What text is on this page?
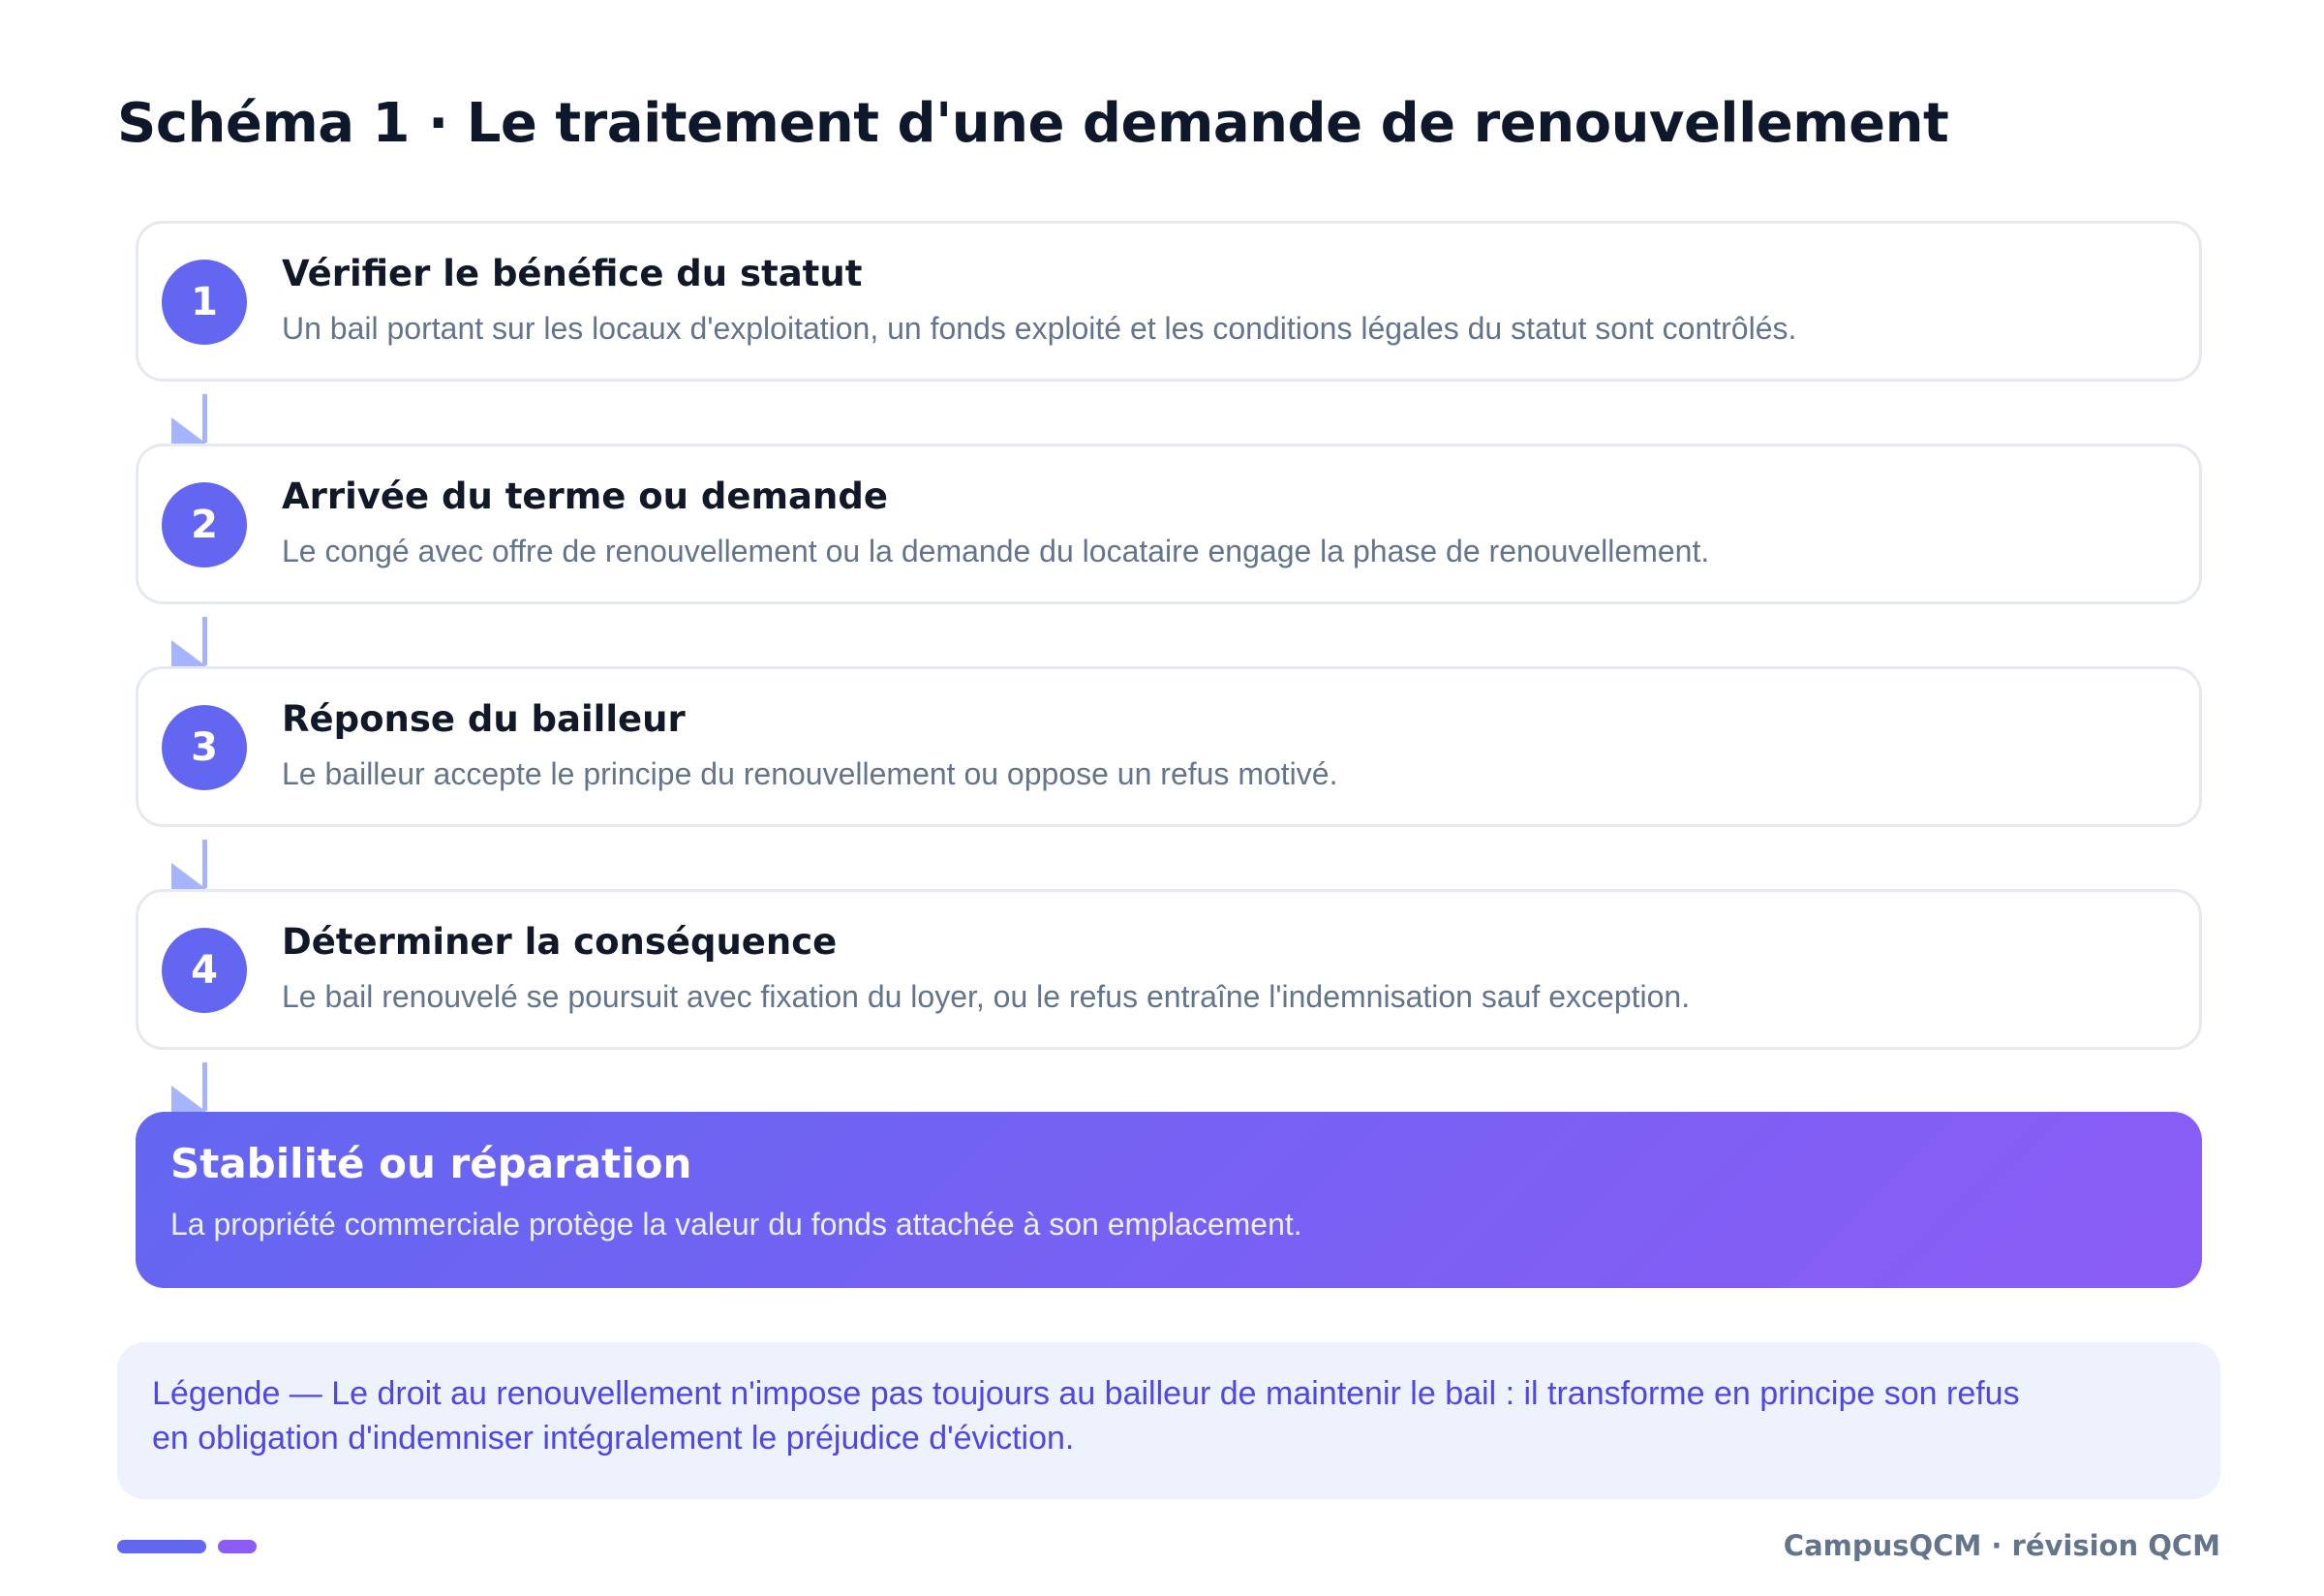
Schéma 1 · Le traitement d'une demande de renouvellement
1
Vérifier le bénéfice du statut
Un bail portant sur les locaux d'exploitation, un fonds exploité et les conditions légales du statut sont contrôlés.
2
Arrivée du terme ou demande
Le congé avec offre de renouvellement ou la demande du locataire engage la phase de renouvellement.
3
Réponse du bailleur
Le bailleur accepte le principe du renouvellement ou oppose un refus motivé.
4
Déterminer la conséquence
Le bail renouvelé se poursuit avec fixation du loyer, ou le refus entraîne l'indemnisation sauf exception.
Stabilité ou réparation
La propriété commerciale protège la valeur du fonds attachée à son emplacement.
Légende — Le droit au renouvellement n'impose pas toujours au bailleur de maintenir le bail : il transforme en principe son refus
en obligation d'indemniser intégralement le préjudice d'éviction.
CampusQCM · révision QCM
